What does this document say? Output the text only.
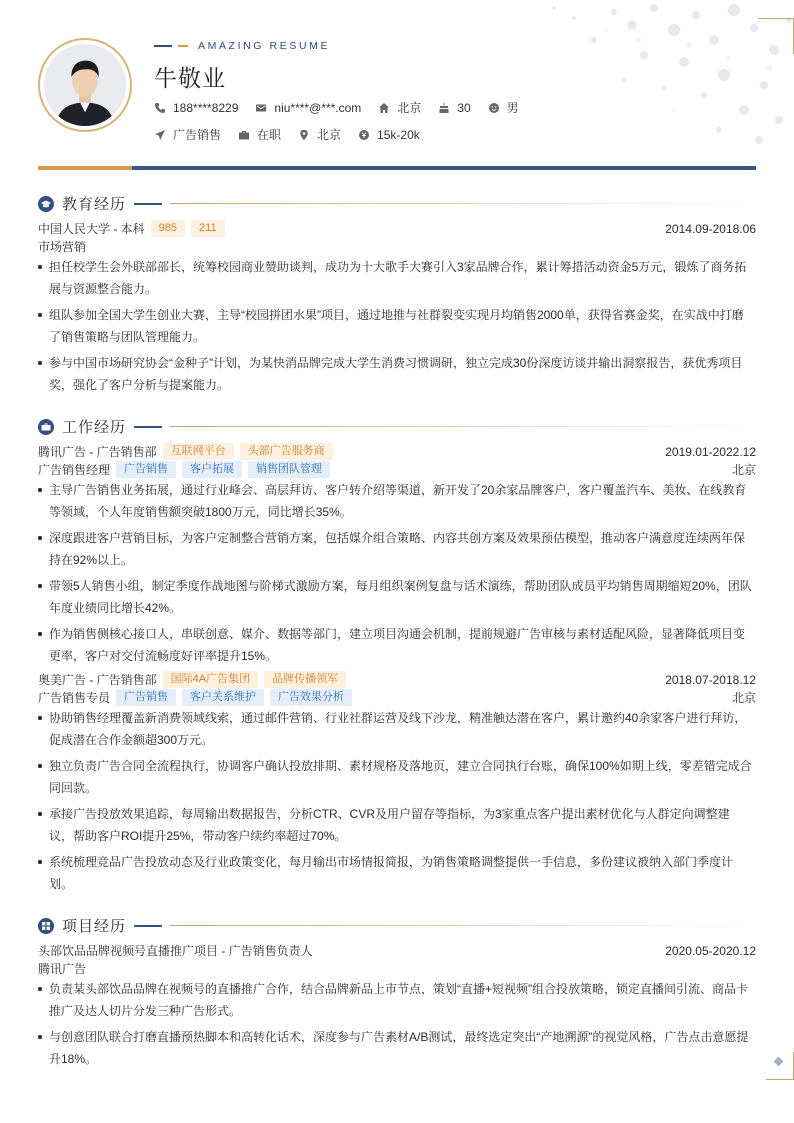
AMAZING RESUME
牛敬业
188****8229	niu****@***.com	北京	30	男
广告销售	在职	北京	15k-20k
教育经历
中国人民大学 - 本科	985	211	2014.09-2018.06
市场营销
担任校学生会外联部部长，统筹校园商业赞助谈判，成功为十大歌手大赛引入3家品牌合作，累计筹措活动资金5万元，锻炼了商务拓展与资源整合能力。
组队参加全国大学生创业大赛，主导“校园拼团水果”项目，通过地推与社群裂变实现月均销售2000单，获得省赛金奖，在实战中打磨了销售策略与团队管理能力。
参与中国市场研究协会“金种子”计划，为某快消品牌完成大学生消费习惯调研，独立完成30份深度访谈并输出洞察报告，获优秀项目奖，强化了客户分析与提案能力。
工作经历
腾讯广告 - 广告销售部	互联网平台	头部广告服务商	2019.01-2022.12
广告销售经理	广告销售	客户拓展	销售团队管理	北京
主导广告销售业务拓展，通过行业峰会、高层拜访、客户转介绍等渠道，新开发了20余家品牌客户，客户覆盖汽车、美妆、在线教育等领域，个人年度销售额突破1800万元，同比增长35%。
深度跟进客户营销目标，为客户定制整合营销方案，包括媒介组合策略、内容共创方案及效果预估模型，推动客户满意度连续两年保持在92%以上。
带领5人销售小组，制定季度作战地图与阶梯式激励方案，每月组织案例复盘与话术演练，帮助团队成员平均销售周期缩短20%，团队年度业绩同比增长42%。
作为销售侧核心接口人，串联创意、媒介、数据等部门，建立项目沟通会机制，提前规避广告审核与素材适配风险，显著降低项目变更率，客户对交付流畅度好评率提升15%。
奥美广告 - 广告销售部	国际4A广告集团	品牌传播领军	2018.07-2018.12
广告销售专员	广告销售	客户关系维护	广告效果分析	北京
协助销售经理覆盖新消费领域线索，通过邮件营销、行业社群运营及线下沙龙，精准触达潜在客户，累计邀约40余家客户进行拜访，促成潜在合作金额超300万元。
独立负责广告合同全流程执行，协调客户确认投放排期、素材规格及落地页，建立合同执行台账，确保100%如期上线，零差错完成合同回款。
承接广告投放效果追踪，每周输出数据报告，分析CTR、CVR及用户留存等指标，为3家重点客户提出素材优化与人群定向调整建议，帮助客户ROI提升25%，带动客户续约率超过70%。
系统梳理竞品广告投放动态及行业政策变化，每月输出市场情报简报，为销售策略调整提供一手信息，多份建议被纳入部门季度计划。
项目经历
头部饮品品牌视频号直播推广项目 - 广告销售负责人	2020.05-2020.12
腾讯广告
负责某头部饮品品牌在视频号的直播推广合作，结合品牌新品上市节点，策划“直播+短视频”组合投放策略，锁定直播间引流、商品卡推广及达人切片分发三种广告形式。
与创意团队联合打磨直播预热脚本和高转化话术，深度参与广告素材A/B测试，最终选定突出“产地溯源”的视觉风格，广告点击意愿提升18%。
